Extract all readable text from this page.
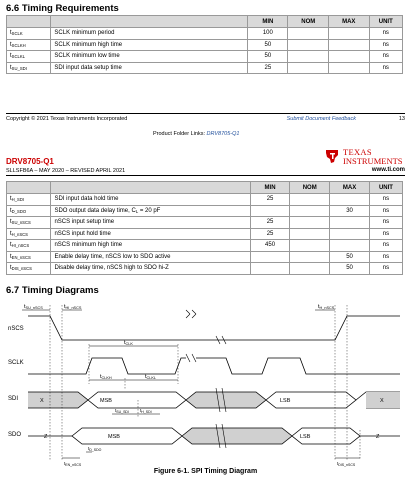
6.6 Timing Requirements
		MIN	NOM	MAX	UNIT
$t_{SCLK}$	SCLK minimum period	100			ns
$t_{SCLKH}$	SCLK minimum high time	50			ns
$t_{SCLKL}$	SCLK minimum low time	50			ns
$t_{SU\_SDI}$	SDI input data setup time	25			ns
Copyright © 2021 Texas Instruments Incorporated	Submit Document Feedback	13
Product Folder Links: DRV8705-Q1
DRV8705-Q1
SLLSFB6A – MAY 2020 – REVISED APRIL 2021
TEXAS
INSTRUMENTS
www.ti.com
		MIN	NOM	MAX	UNIT
$t_{H\_SDI}$	SDI input data hold time	25			ns
$t_{D\_SDO}$	SDO output data delay time, $C_L = 20$ pF			30	ns
$t_{SU\_nSCS}$	nSCS input setup time	25			ns
$t_{H\_nSCS}$	nSCS input hold time	25			ns
$t_{HI\_nSCS}$	nSCS minimum high time	450			ns
$t_{EN\_nSCS}$	Enable delay time, nSCS low to SDO active			50	ns
$t_{DIS\_nSCS}$	Disable delay time, nSCS high to SDO hi-Z			50	ns
6.7 Timing Diagrams
nSCS
SCLK
SDI
SDO
$t_{SU\_nSCS}$	$t_{HI\_nSCS}$	$t_{H\_nSCS}$
$t_{CLK}$
$t_{CLKH}$	$t_{CLKL}$
$t_{SU\_SDI}$ $t_{H\_SDI}$
$t_{D\_SDO}$
$t_{EN\_nSCS}$	$t_{DIS\_nSCS}$
X	MSB	LSB	X
Z	MSB	LSB	Z
Figure 6-1. SPI Timing Diagram
